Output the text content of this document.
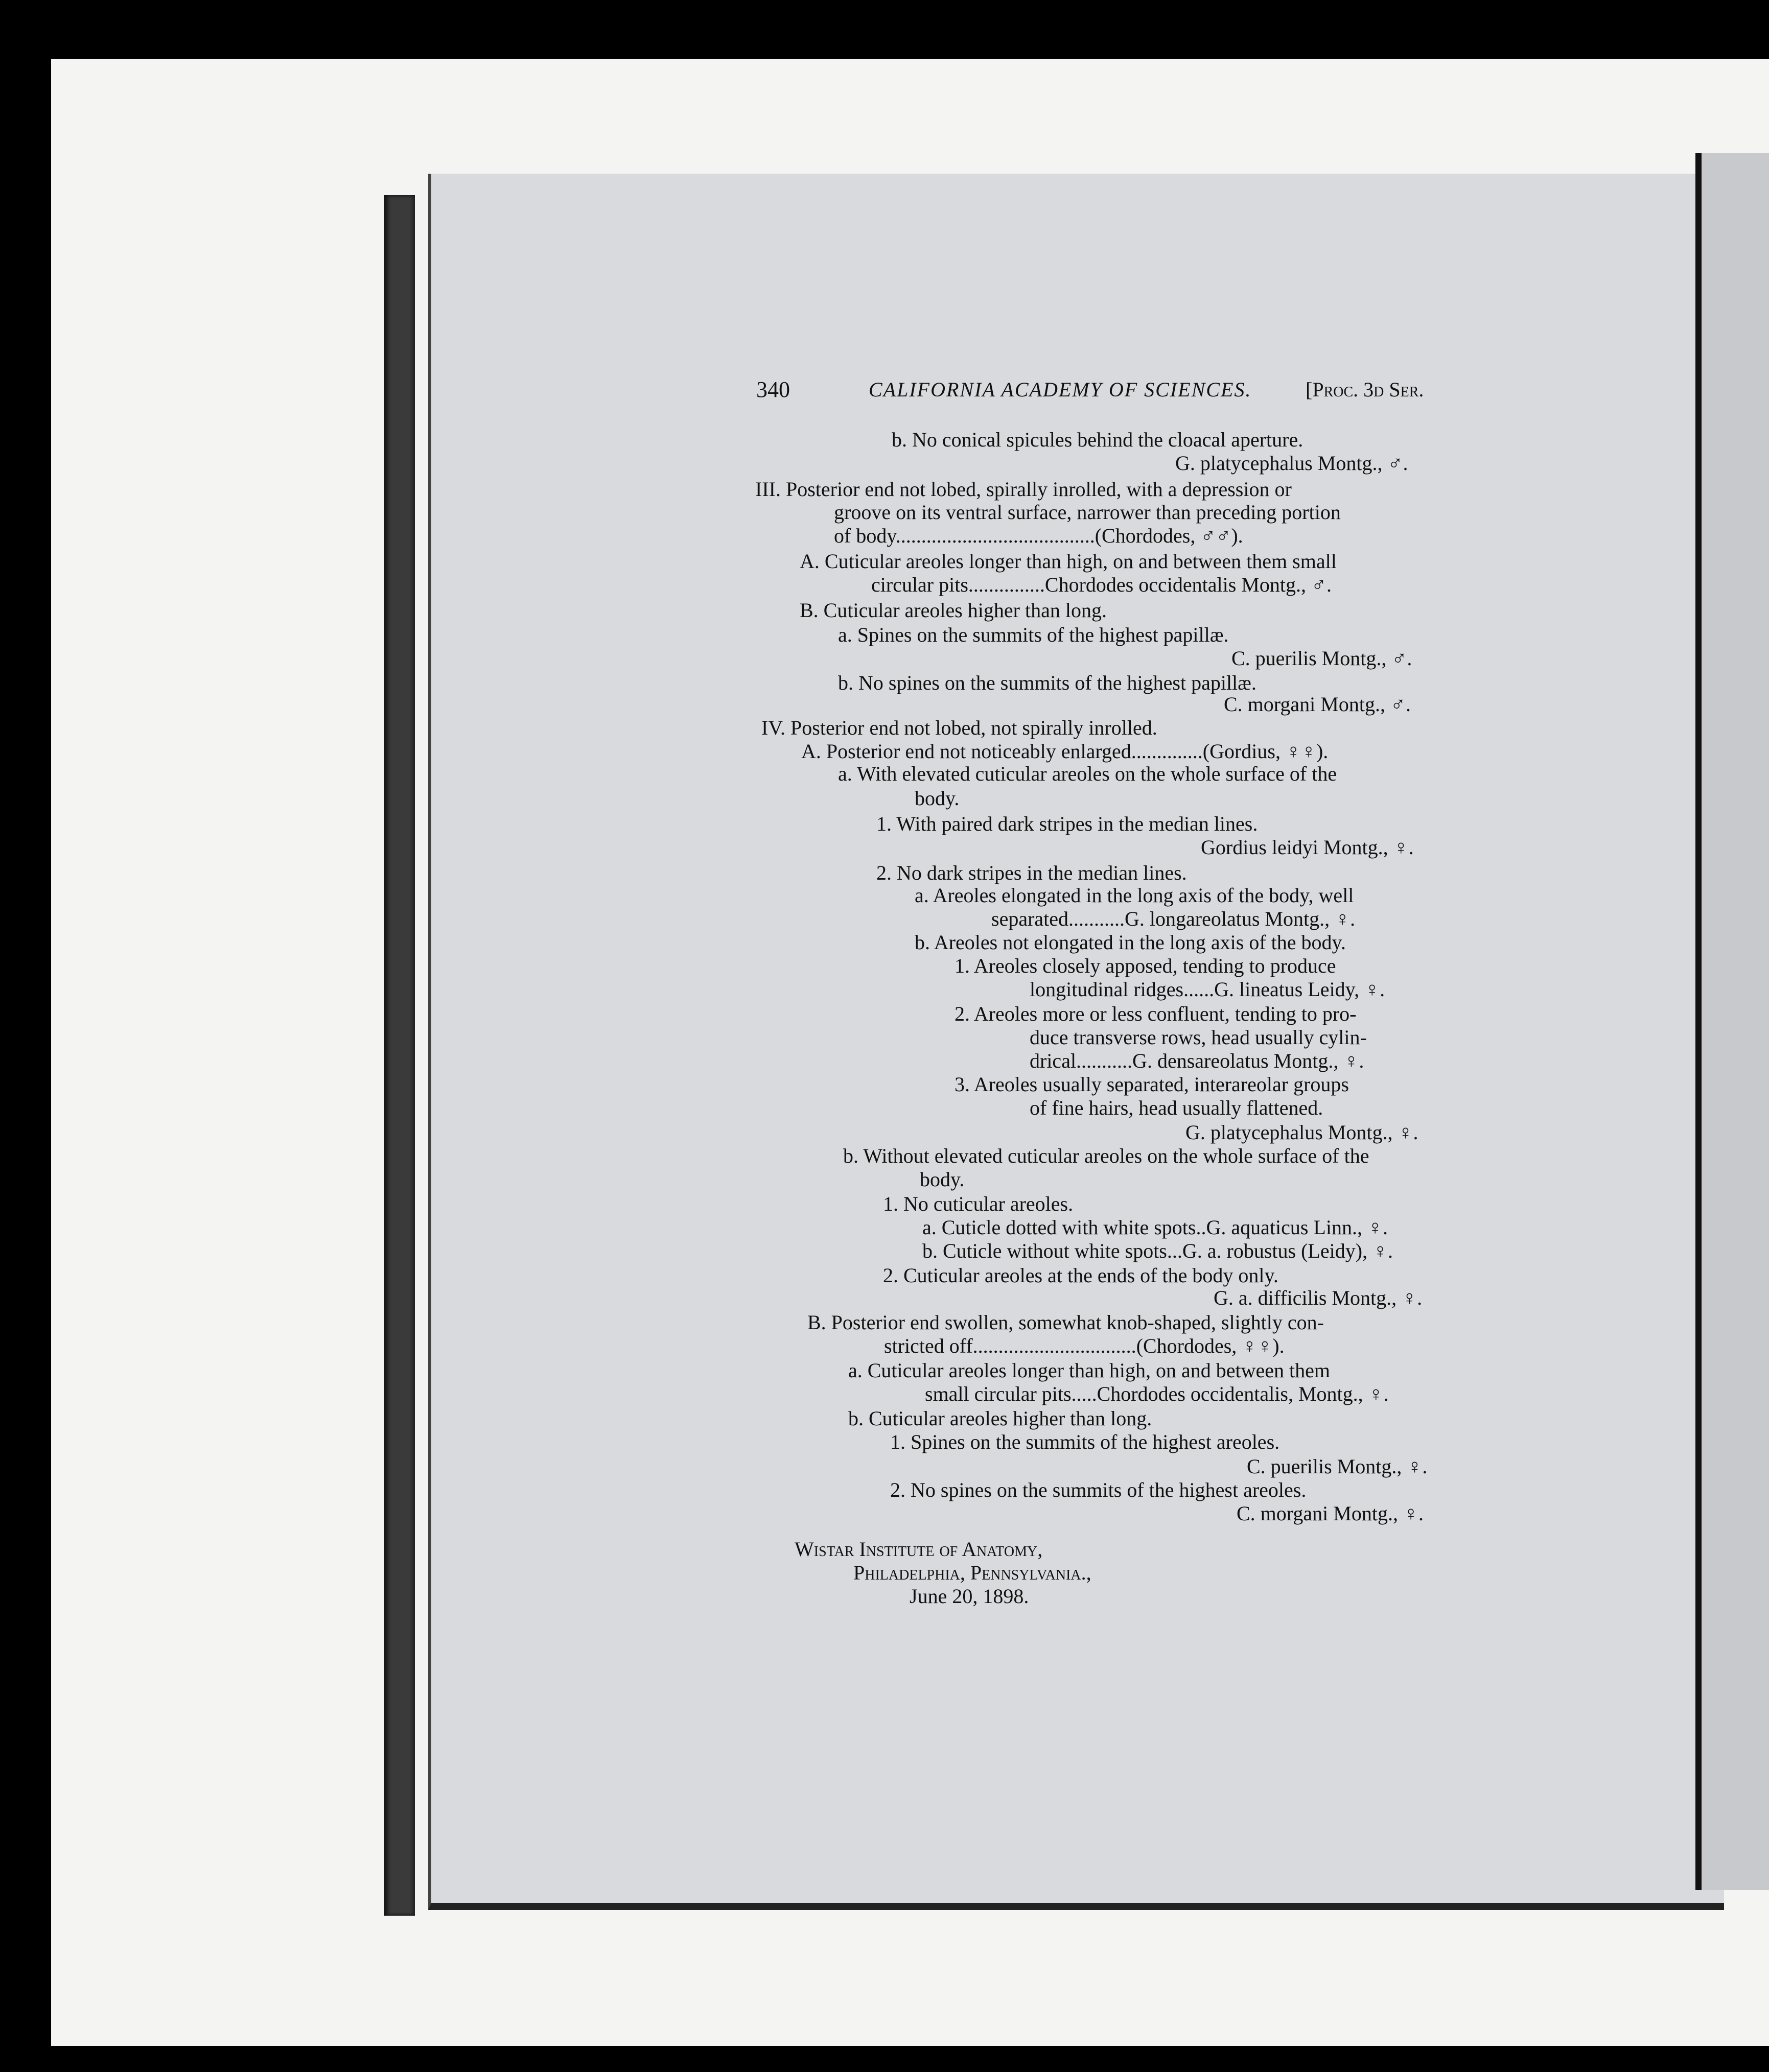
340	CALIFORNIA ACADEMY OF SCIENCES.	[Proc. 3d Ser.
b. No conical spicules behind the cloacal aperture.
G. platycephalus Montg., ♂.
III. Posterior end not lobed, spirally inrolled, with a depression or
groove on its ventral surface, narrower than preceding portion
of body.......................................(Chordodes, ♂♂).
A. Cuticular areoles longer than high, on and between them small
circular pits...............Chordodes occidentalis Montg., ♂.
B. Cuticular areoles higher than long.
a. Spines on the summits of the highest papillæ.
C. puerilis Montg., ♂.
b. No spines on the summits of the highest papillæ.
C. morgani Montg., ♂.
IV. Posterior end not lobed, not spirally inrolled.
A. Posterior end not noticeably enlarged..............(Gordius, ♀♀).
a. With elevated cuticular areoles on the whole surface of the
body.
1. With paired dark stripes in the median lines.
Gordius leidyi Montg., ♀.
2. No dark stripes in the median lines.
a. Areoles elongated in the long axis of the body, well
separated...........G. longareolatus Montg., ♀.
b. Areoles not elongated in the long axis of the body.
1. Areoles closely apposed, tending to produce
longitudinal ridges......G. lineatus Leidy, ♀.
2. Areoles more or less confluent, tending to pro-
duce transverse rows, head usually cylin-
drical...........G. densareolatus Montg., ♀.
3. Areoles usually separated, interareolar groups
of fine hairs, head usually flattened.
G. platycephalus Montg., ♀.
b. Without elevated cuticular areoles on the whole surface of the
body.
1. No cuticular areoles.
a. Cuticle dotted with white spots..G. aquaticus Linn., ♀.
b. Cuticle without white spots...G. a. robustus (Leidy), ♀.
2. Cuticular areoles at the ends of the body only.
G. a. difficilis Montg., ♀.
B. Posterior end swollen, somewhat knob-shaped, slightly con-
stricted off................................(Chordodes, ♀♀).
a. Cuticular areoles longer than high, on and between them
small circular pits.....Chordodes occidentalis, Montg., ♀.
b. Cuticular areoles higher than long.
1. Spines on the summits of the highest areoles.
C. puerilis Montg., ♀.
2. No spines on the summits of the highest areoles.
C. morgani Montg., ♀.
Wistar Institute of Anatomy,
Philadelphia, Pennsylvania.,
June 20, 1898.
